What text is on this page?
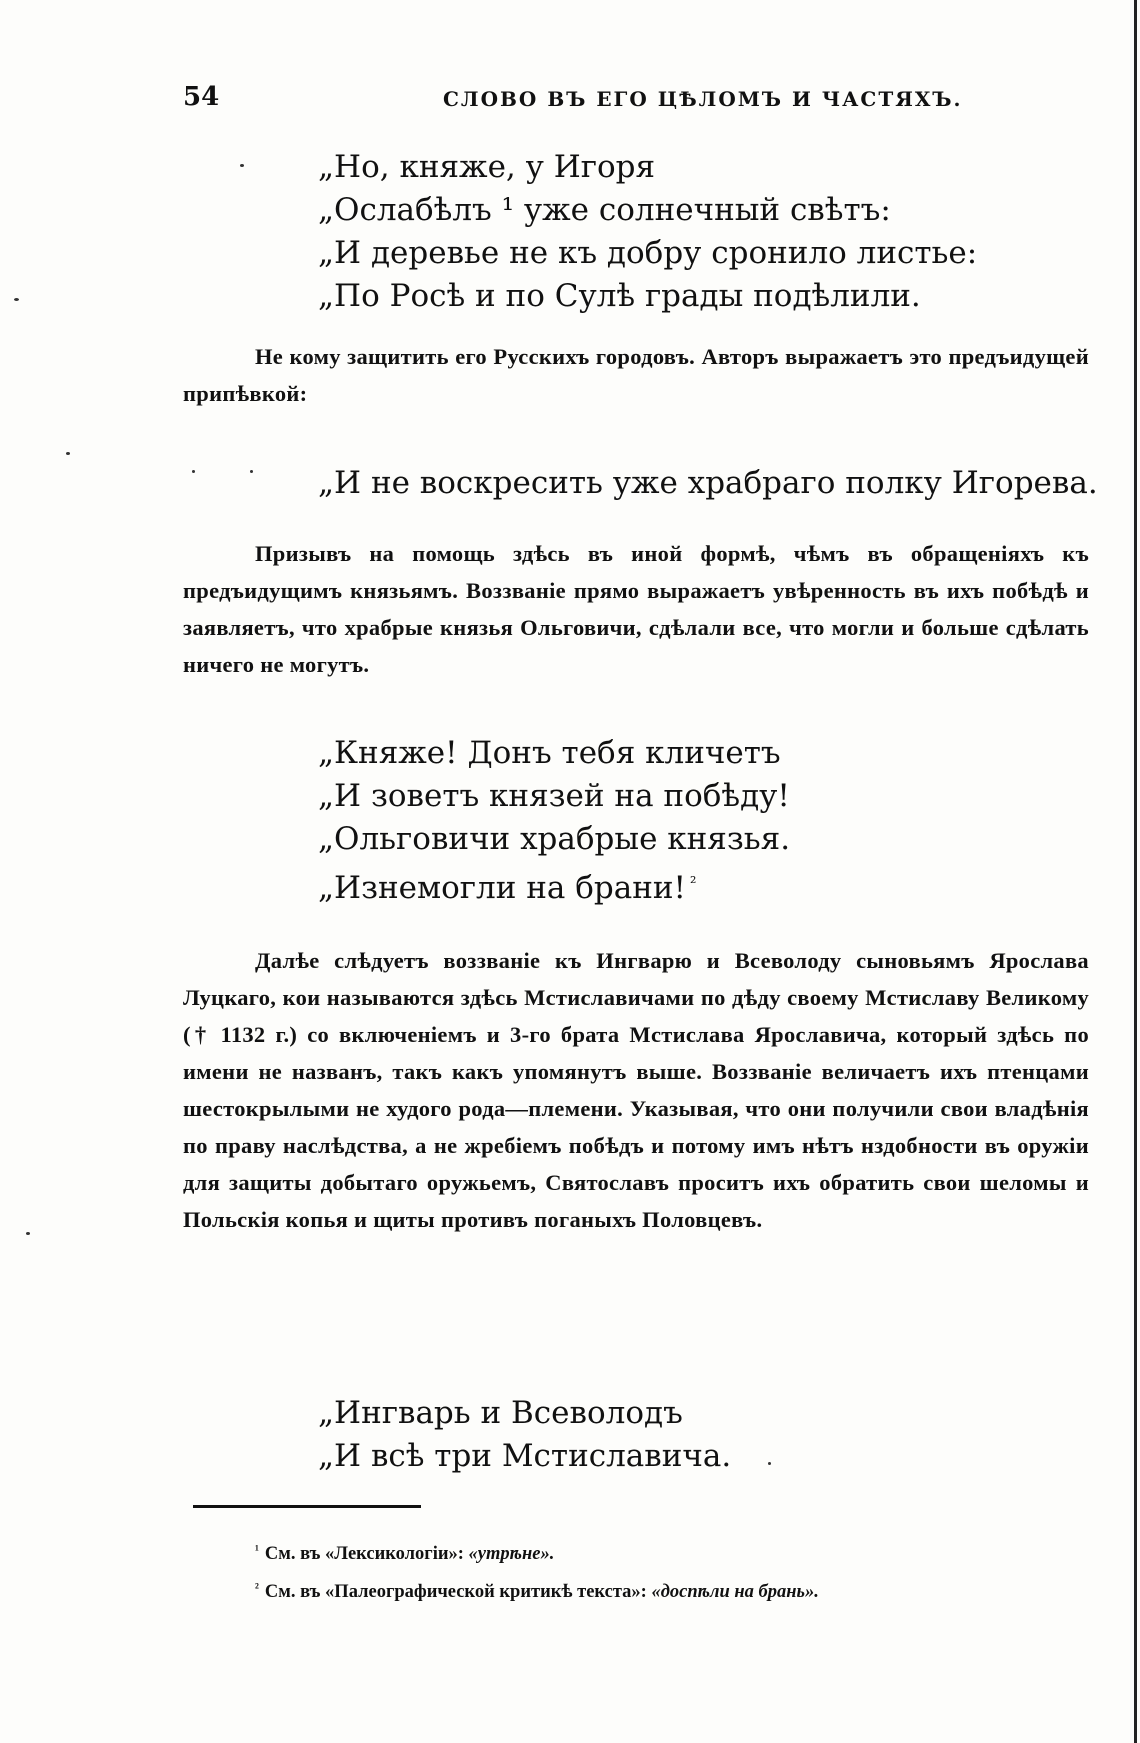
54	СЛОВО ВЪ ЕГО ЦѢЛОМЪ И ЧАСТЯХЪ.
„Но, княже, у Игоря
„Ослабѣлъ ¹ уже солнечный свѣтъ:
„И деревье не къ добру сронило листье:
„По Росѣ и по Сулѣ грады подѣлили.

Не кому защитить его Русскихъ городовъ. Авторъ выражаетъ это предъидущей припѣвкой:

„И не воскресить уже храбраго полку Игорева.

Призывъ на помощь здѣсь въ иной формѣ, чѣмъ въ обращеніяхъ къ предъидущимъ князьямъ. Воззваніе прямо выражаетъ увѣренность въ ихъ побѣдѣ и заявляетъ, что храбрые князья Ольговичи, сдѣлали все, что могли и больше сдѣлать ничего не могутъ.

„Княже! Донъ тебя кличетъ
„И зоветъ князей на побѣду!
„Ольговичи храбрые князья.
„Изнемогли на брани! $^{^2}$

Далѣе слѣдуетъ воззваніе къ Ингварю и Всеволоду сыновьямъ Ярослава Луцкаго, кои называются здѣсь Мстиславичами по дѣду своему Мстиславу Великому († 1132 г.) со включеніемъ и 3-го брата Мстислава Ярославича, который здѣсь по имени не названъ, такъ какъ упомянутъ выше. Воззваніе величаетъ ихъ птенцами шестокрылыми не худого рода—племени. Указывая, что они получили свои владѣнія по праву наслѣдства, а не жребіемъ побѣдъ и потому имъ нѣтъ нздобности въ оружіи для защиты добытаго оружьемъ, Святославъ проситъ ихъ обратить свои шеломы и Польскія копья и щиты противъ поганыхъ Половцевъ.

„Ингварь и Всеволодъ
„И всѣ три Мстиславича.
$^{^1}$ См. въ «Лексикологіи»: «утрѣне».
$^{^2}$ См. въ «Палеографической критикѣ текста»: «доспѣли на брань».
